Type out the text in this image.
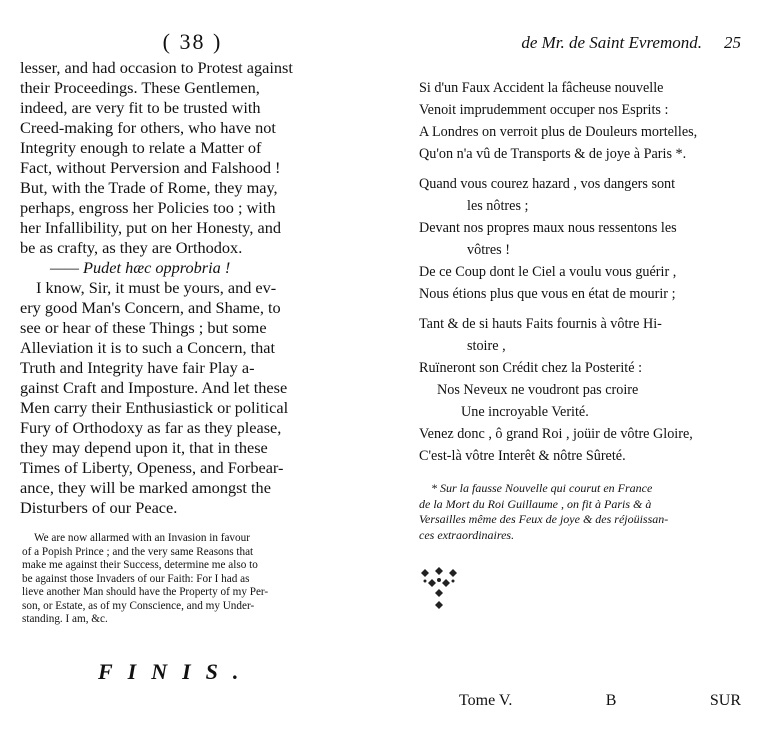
( 38 )

lesser, and had occasion to Protest against

their Proceedings. These Gentlemen,

indeed, are very fit to be trusted with

Creed-making for others, who have not

Integrity enough to relate a Matter of

Fact, without Perversion and Falshood !

But, with the Trade of Rome, they may,

perhaps, engross her Policies too ; with

her Infallibility, put on her Honesty, and

be as crafty, as they are Orthodox.

—— Pudet hæc opprobria !

I know, Sir, it must be yours, and ev-

ery good Man's Concern, and Shame, to

see or hear of these Things ; but some

Alleviation it is to such a Concern, that

Truth and Integrity have fair Play a-

gainst Craft and Imposture. And let these

Men carry their Enthusiastick or political

Fury of Orthodoxy as far as they please,

they may depend upon it, that in these

Times of Liberty, Openess, and Forbear-

ance, they will be marked amongst the

Disturbers of our Peace.

We are now allarmed with an Invasion in favour
of a Popish Prince ; and the very same Reasons that
make me against their Success, determine me also to
be against those Invaders of our Faith: For I had as
lieve another Man should have the Property of my Per-
son, or Estate, as of my Conscience, and my Under-
standing. I am, &c.
FINIS.
de Mr. de Saint Evremond. 25
Si d'un Faux Accident la fâcheuse nouvelle
Venoit imprudemment occuper nos Esprits :
A Londres on verroit plus de Douleurs mortelles,
Qu'on n'a vû de Transports & de joye à Paris *.
Quand vous courez hazard , vos dangers sont
les nôtres ;
Devant nos propres maux nous ressentons les
vôtres !
De ce Coup dont le Ciel a voulu vous guérir ,
Nous étions plus que vous en état de mourir ;
Tant & de si hauts Faits fournis à vôtre Hi-
stoire ,
Ruïneront son Crédit chez la Posterité :
Nos Neveux ne voudront pas croire
Une incroyable Verité.
Venez donc , ô grand Roi , joüir de vôtre Gloire,
C'est-là vôtre Interêt & nôtre Sûreté.
* Sur la fausse Nouvelle qui courut en France
de la Mort du Roi Guillaume , on fit à Paris & à
Versailles même des Feux de joye & des réjoüissan-
ces extraordinaires.
Tome V.	B	SUR
